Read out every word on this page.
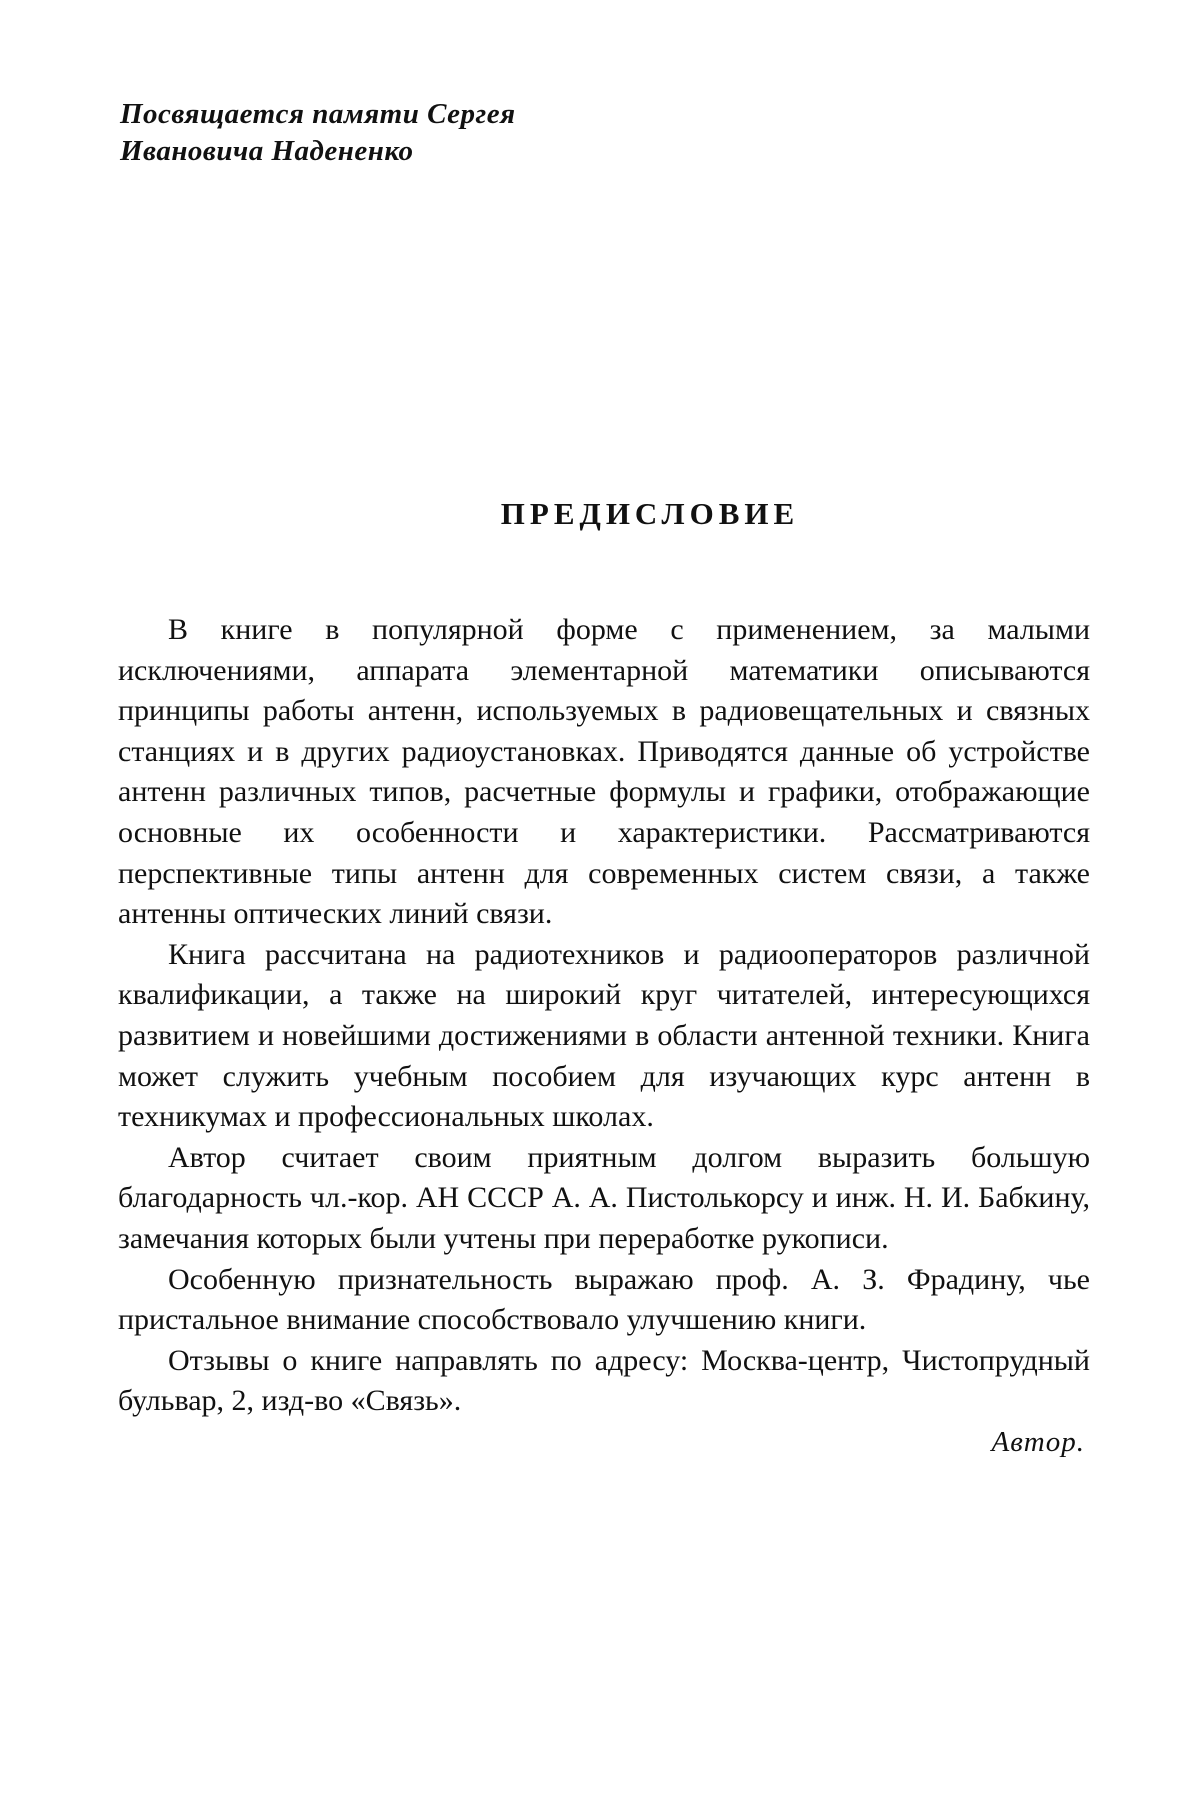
Посвящается памяти Сергея
Ивановича Надененко
ПРЕДИСЛОВИЕ

В книге в популярной форме с применением, за малыми исключениями, аппарата элементарной математики описываются принципы работы антенн, используемых в радиовещательных и связных станциях и в других радиоустановках. Приводятся данные об устройстве антенн различных типов, расчетные формулы и графики, отображающие основные их особенности и характеристики. Рассматриваются перспективные типы антенн для современных систем связи, а также антенны оптических линий связи.

Книга рассчитана на радиотехников и радиооператоров различной квалификации, а также на широкий круг читателей, интересующихся развитием и новейшими достижениями в области антенной техники. Книга может служить учебным пособием для изучающих курс антенн в техникумах и профессиональных школах.

Автор считает своим приятным долгом выразить большую благодарность чл.-кор. АН СССР А. А. Пистолькорсу и инж. Н. И. Бабкину, замечания которых были учтены при переработке рукописи.

Особенную признательность выражаю проф. А. З. Фрадину, чье пристальное внимание способствовало улучшению книги.

Отзывы о книге направлять по адресу: Москва-центр, Чистопрудный бульвар, 2, изд-во «Связь».

Автор.
